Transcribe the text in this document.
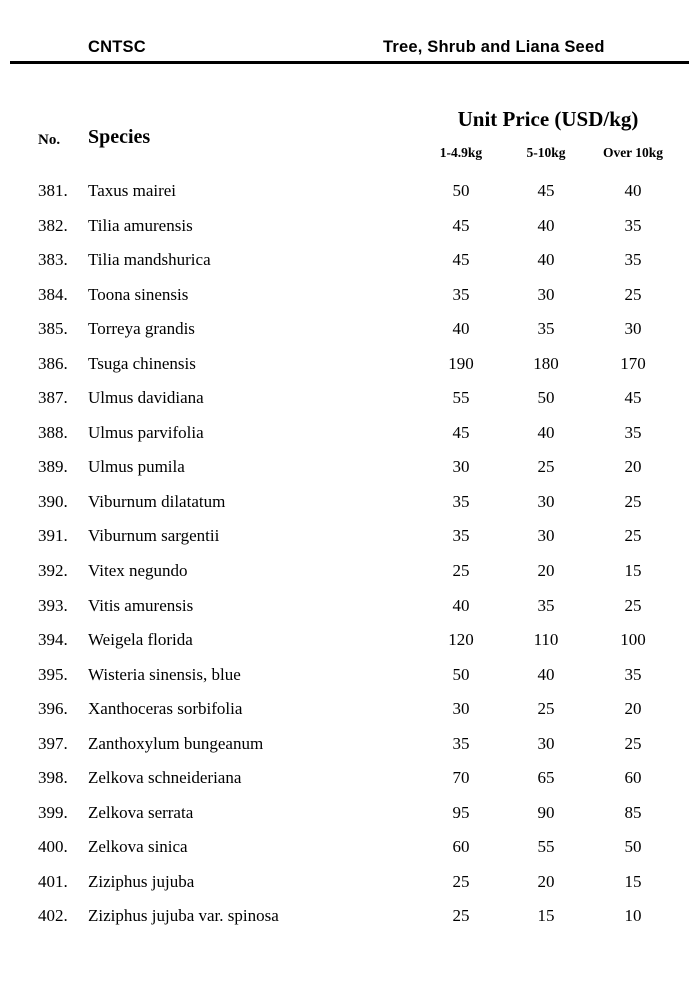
CNTSC	Tree, Shrub and Liana Seed
No. Species
Unit Price (USD/kg)
1-4.9kg	5-10kg	Over 10kg
381.	Taxus mairei	50	45	40
382.	Tilia amurensis	45	40	35
383.	Tilia mandshurica	45	40	35
384.	Toona sinensis	35	30	25
385.	Torreya grandis	40	35	30
386.	Tsuga chinensis	190	180	170
387.	Ulmus davidiana	55	50	45
388.	Ulmus parvifolia	45	40	35
389.	Ulmus pumila	30	25	20
390.	Viburnum dilatatum	35	30	25
391.	Viburnum sargentii	35	30	25
392.	Vitex negundo	25	20	15
393.	Vitis amurensis	40	35	25
394.	Weigela florida	120	110	100
395.	Wisteria sinensis, blue	50	40	35
396.	Xanthoceras sorbifolia	30	25	20
397.	Zanthoxylum bungeanum	35	30	25
398.	Zelkova schneideriana	70	65	60
399.	Zelkova serrata	95	90	85
400.	Zelkova sinica	60	55	50
401.	Ziziphus jujuba	25	20	15
402.	Ziziphus jujuba var. spinosa	25	15	10
